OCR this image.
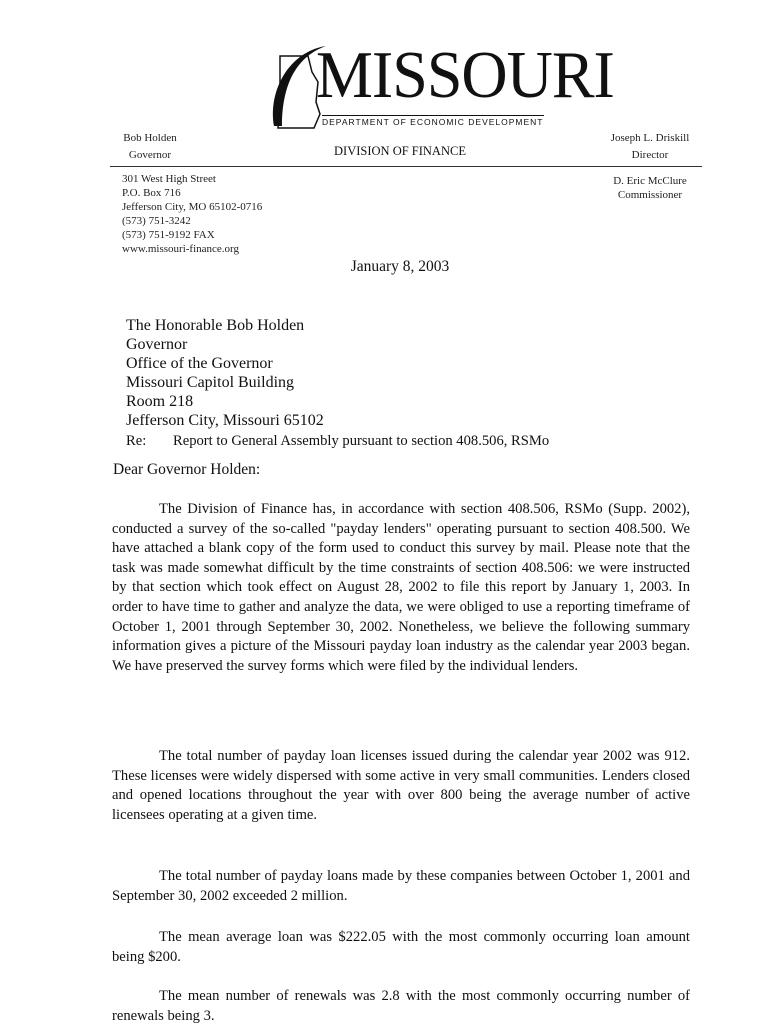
MISSOURI
DEPARTMENT OF ECONOMIC DEVELOPMENT
Bob Holden
Governor	DIVISION OF FINANCE
Joseph L. Driskill
Director
301 West High Street
P.O. Box 716
Jefferson City, MO 65102-0716
(573) 751-3242
(573) 751-9192 FAX
www.missouri-finance.org
D. Eric McClure
Commissioner
January 8, 2003
The Honorable Bob Holden
Governor
Office of the Governor
Missouri Capitol Building
Room 218
Jefferson City, Missouri 65102
Re: Report to General Assembly pursuant to section 408.506, RSMo
Dear Governor Holden:

The Division of Finance has, in accordance with section 408.506, RSMo (Supp. 2002), conducted a survey of the so-called "payday lenders" operating pursuant to section 408.500. We have attached a blank copy of the form used to conduct this survey by mail. Please note that the task was made somewhat difficult by the time constraints of section 408.506: we were instructed by that section which took effect on August 28, 2002 to file this report by January 1, 2003. In order to have time to gather and analyze the data, we were obliged to use a reporting timeframe of October 1, 2001 through September 30, 2002. Nonetheless, we believe the following summary information gives a picture of the Missouri payday loan industry as the calendar year 2003 began. We have preserved the survey forms which were filed by the individual lenders.

The total number of payday loan licenses issued during the calendar year 2002 was 912. These licenses were widely dispersed with some active in very small communities. Lenders closed and opened locations throughout the year with over 800 being the average number of active licensees operating at a given time.

The total number of payday loans made by these companies between October 1, 2001 and September 30, 2002 exceeded 2 million.

The mean average loan was $222.05 with the most commonly occurring loan amount being $200.

The mean number of renewals was 2.8 with the most commonly occurring number of renewals being 3.
